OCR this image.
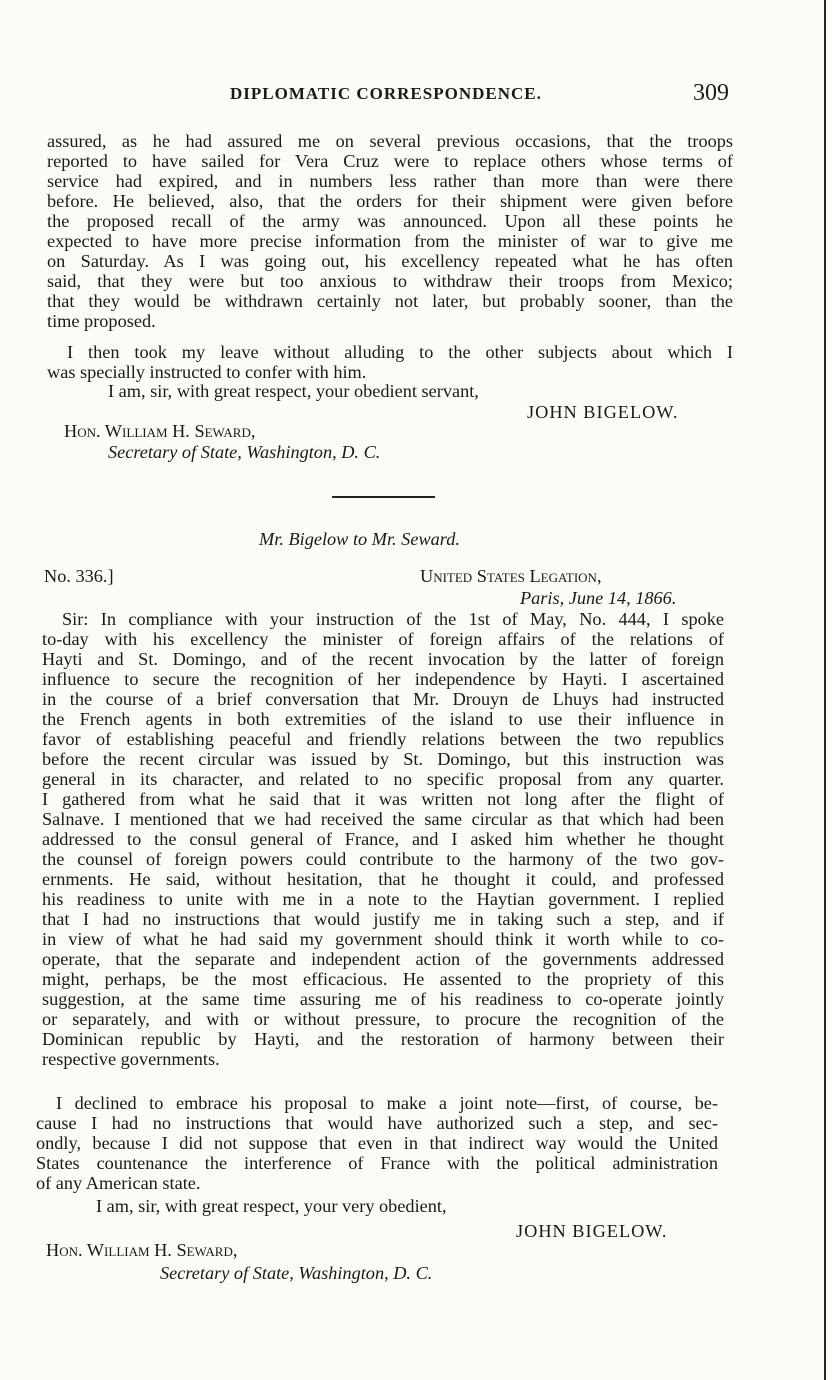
DIPLOMATIC CORRESPONDENCE.	309
assured, as he had assured me on several previous occasions, that the troops
reported to have sailed for Vera Cruz were to replace others whose terms of
service had expired, and in numbers less rather than more than were there
before. He believed, also, that the orders for their shipment were given before
the proposed recall of the army was announced. Upon all these points he
expected to have more precise information from the minister of war to give me
on Saturday. As I was going out, his excellency repeated what he has often
said, that they were but too anxious to withdraw their troops from Mexico;
that they would be withdrawn certainly not later, but probably sooner, than the
time proposed.
I then took my leave without alluding to the other subjects about which I
was specially instructed to confer with him.
I am, sir, with great respect, your obedient servant,
JOHN BIGELOW.
Hon. William H. Seward,
Secretary of State, Washington, D. C.
Mr. Bigelow to Mr. Seward.
No. 336.]	United States Legation,
Paris, June 14, 1866.
Sir: In compliance with your instruction of the 1st of May, No. 444, I spoke
to-day with his excellency the minister of foreign affairs of the relations of
Hayti and St. Domingo, and of the recent invocation by the latter of foreign
influence to secure the recognition of her independence by Hayti. I ascertained
in the course of a brief conversation that Mr. Drouyn de Lhuys had instructed
the French agents in both extremities of the island to use their influence in
favor of establishing peaceful and friendly relations between the two republics
before the recent circular was issued by St. Domingo, but this instruction was
general in its character, and related to no specific proposal from any quarter.
I gathered from what he said that it was written not long after the flight of
Salnave. I mentioned that we had received the same circular as that which had been
addressed to the consul general of France, and I asked him whether he thought
the counsel of foreign powers could contribute to the harmony of the two gov-
ernments. He said, without hesitation, that he thought it could, and professed
his readiness to unite with me in a note to the Haytian government. I replied
that I had no instructions that would justify me in taking such a step, and if
in view of what he had said my government should think it worth while to co-
operate, that the separate and independent action of the governments addressed
might, perhaps, be the most efficacious. He assented to the propriety of this
suggestion, at the same time assuring me of his readiness to co-operate jointly
or separately, and with or without pressure, to procure the recognition of the
Dominican republic by Hayti, and the restoration of harmony between their
respective governments.
I declined to embrace his proposal to make a joint note—first, of course, be-
cause I had no instructions that would have authorized such a step, and sec-
ondly, because I did not suppose that even in that indirect way would the United
States countenance the interference of France with the political administration
of any American state.
I am, sir, with great respect, your very obedient,
JOHN BIGELOW.
Hon. William H. Seward,
Secretary of State, Washington, D. C.
